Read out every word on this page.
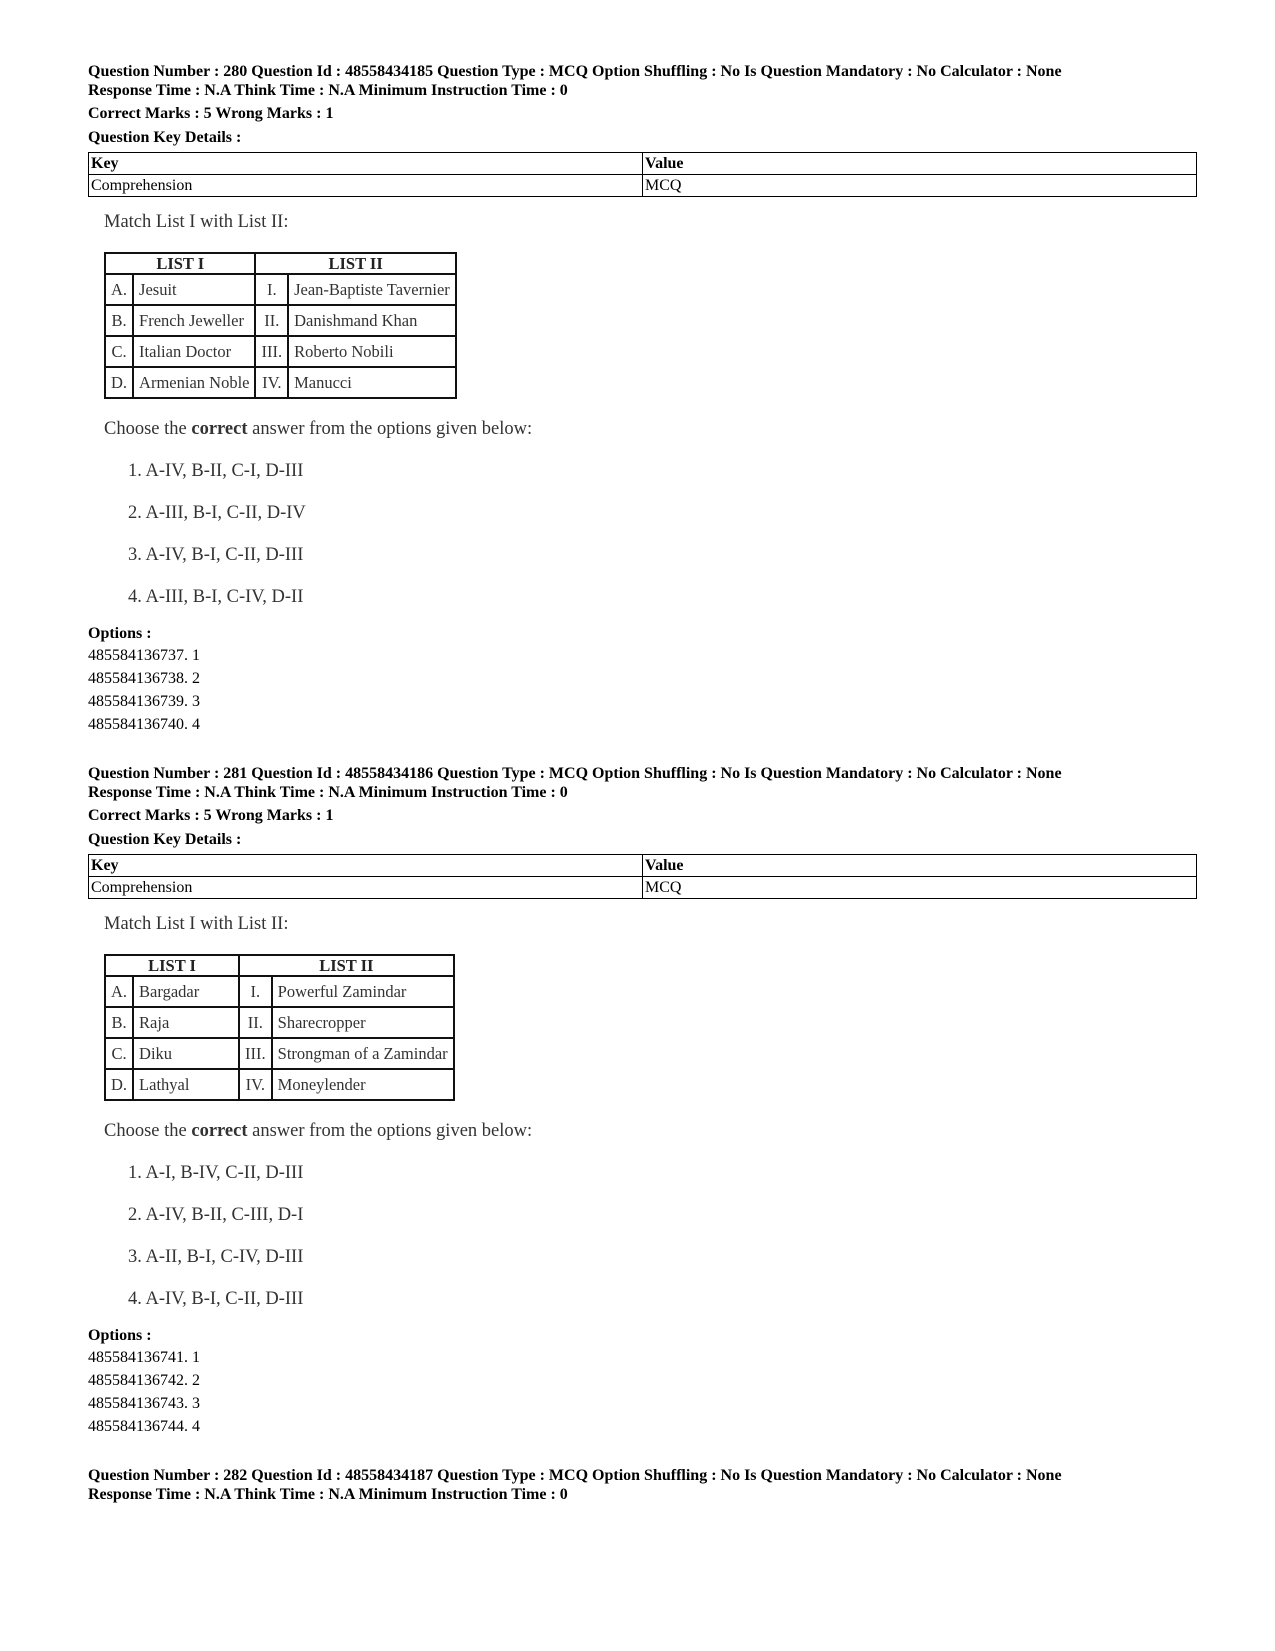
Question Number : 280 Question Id : 48558434185 Question Type : MCQ Option Shuffling : No Is Question Mandatory : No Calculator : None
Response Time : N.A Think Time : N.A Minimum Instruction Time : 0
Correct Marks : 5 Wrong Marks : 1
Question Key Details :
Key	Value
Comprehension	MCQ
Match List I with List II:
LIST I		LIST II	
A.	Jesuit	I.	Jean-Baptiste Tavernier
B.	French Jeweller	II.	Danishmand Khan
C.	Italian Doctor	III.	Roberto Nobili
D.	Armenian Noble	IV.	Manucci
Choose the correct answer from the options given below:
1. A-IV, B-II, C-I, D-III
2. A-III, B-I, C-II, D-IV
3. A-IV, B-I, C-II, D-III
4. A-III, B-I, C-IV, D-II
Options :
485584136737. 1
485584136738. 2
485584136739. 3
485584136740. 4
Question Number : 281 Question Id : 48558434186 Question Type : MCQ Option Shuffling : No Is Question Mandatory : No Calculator : None
Response Time : N.A Think Time : N.A Minimum Instruction Time : 0
Correct Marks : 5 Wrong Marks : 1
Question Key Details :
Key	Value
Comprehension	MCQ
Match List I with List II:
LIST I		LIST II	
A.	Bargadar	I.	Powerful Zamindar
B.	Raja	II.	Sharecropper
C.	Diku	III.	Strongman of a Zamindar
D.	Lathyal	IV.	Moneylender
Choose the correct answer from the options given below:
1. A-I, B-IV, C-II, D-III
2. A-IV, B-II, C-III, D-I
3. A-II, B-I, C-IV, D-III
4. A-IV, B-I, C-II, D-III
Options :
485584136741. 1
485584136742. 2
485584136743. 3
485584136744. 4
Question Number : 282 Question Id : 48558434187 Question Type : MCQ Option Shuffling : No Is Question Mandatory : No Calculator : None
Response Time : N.A Think Time : N.A Minimum Instruction Time : 0
